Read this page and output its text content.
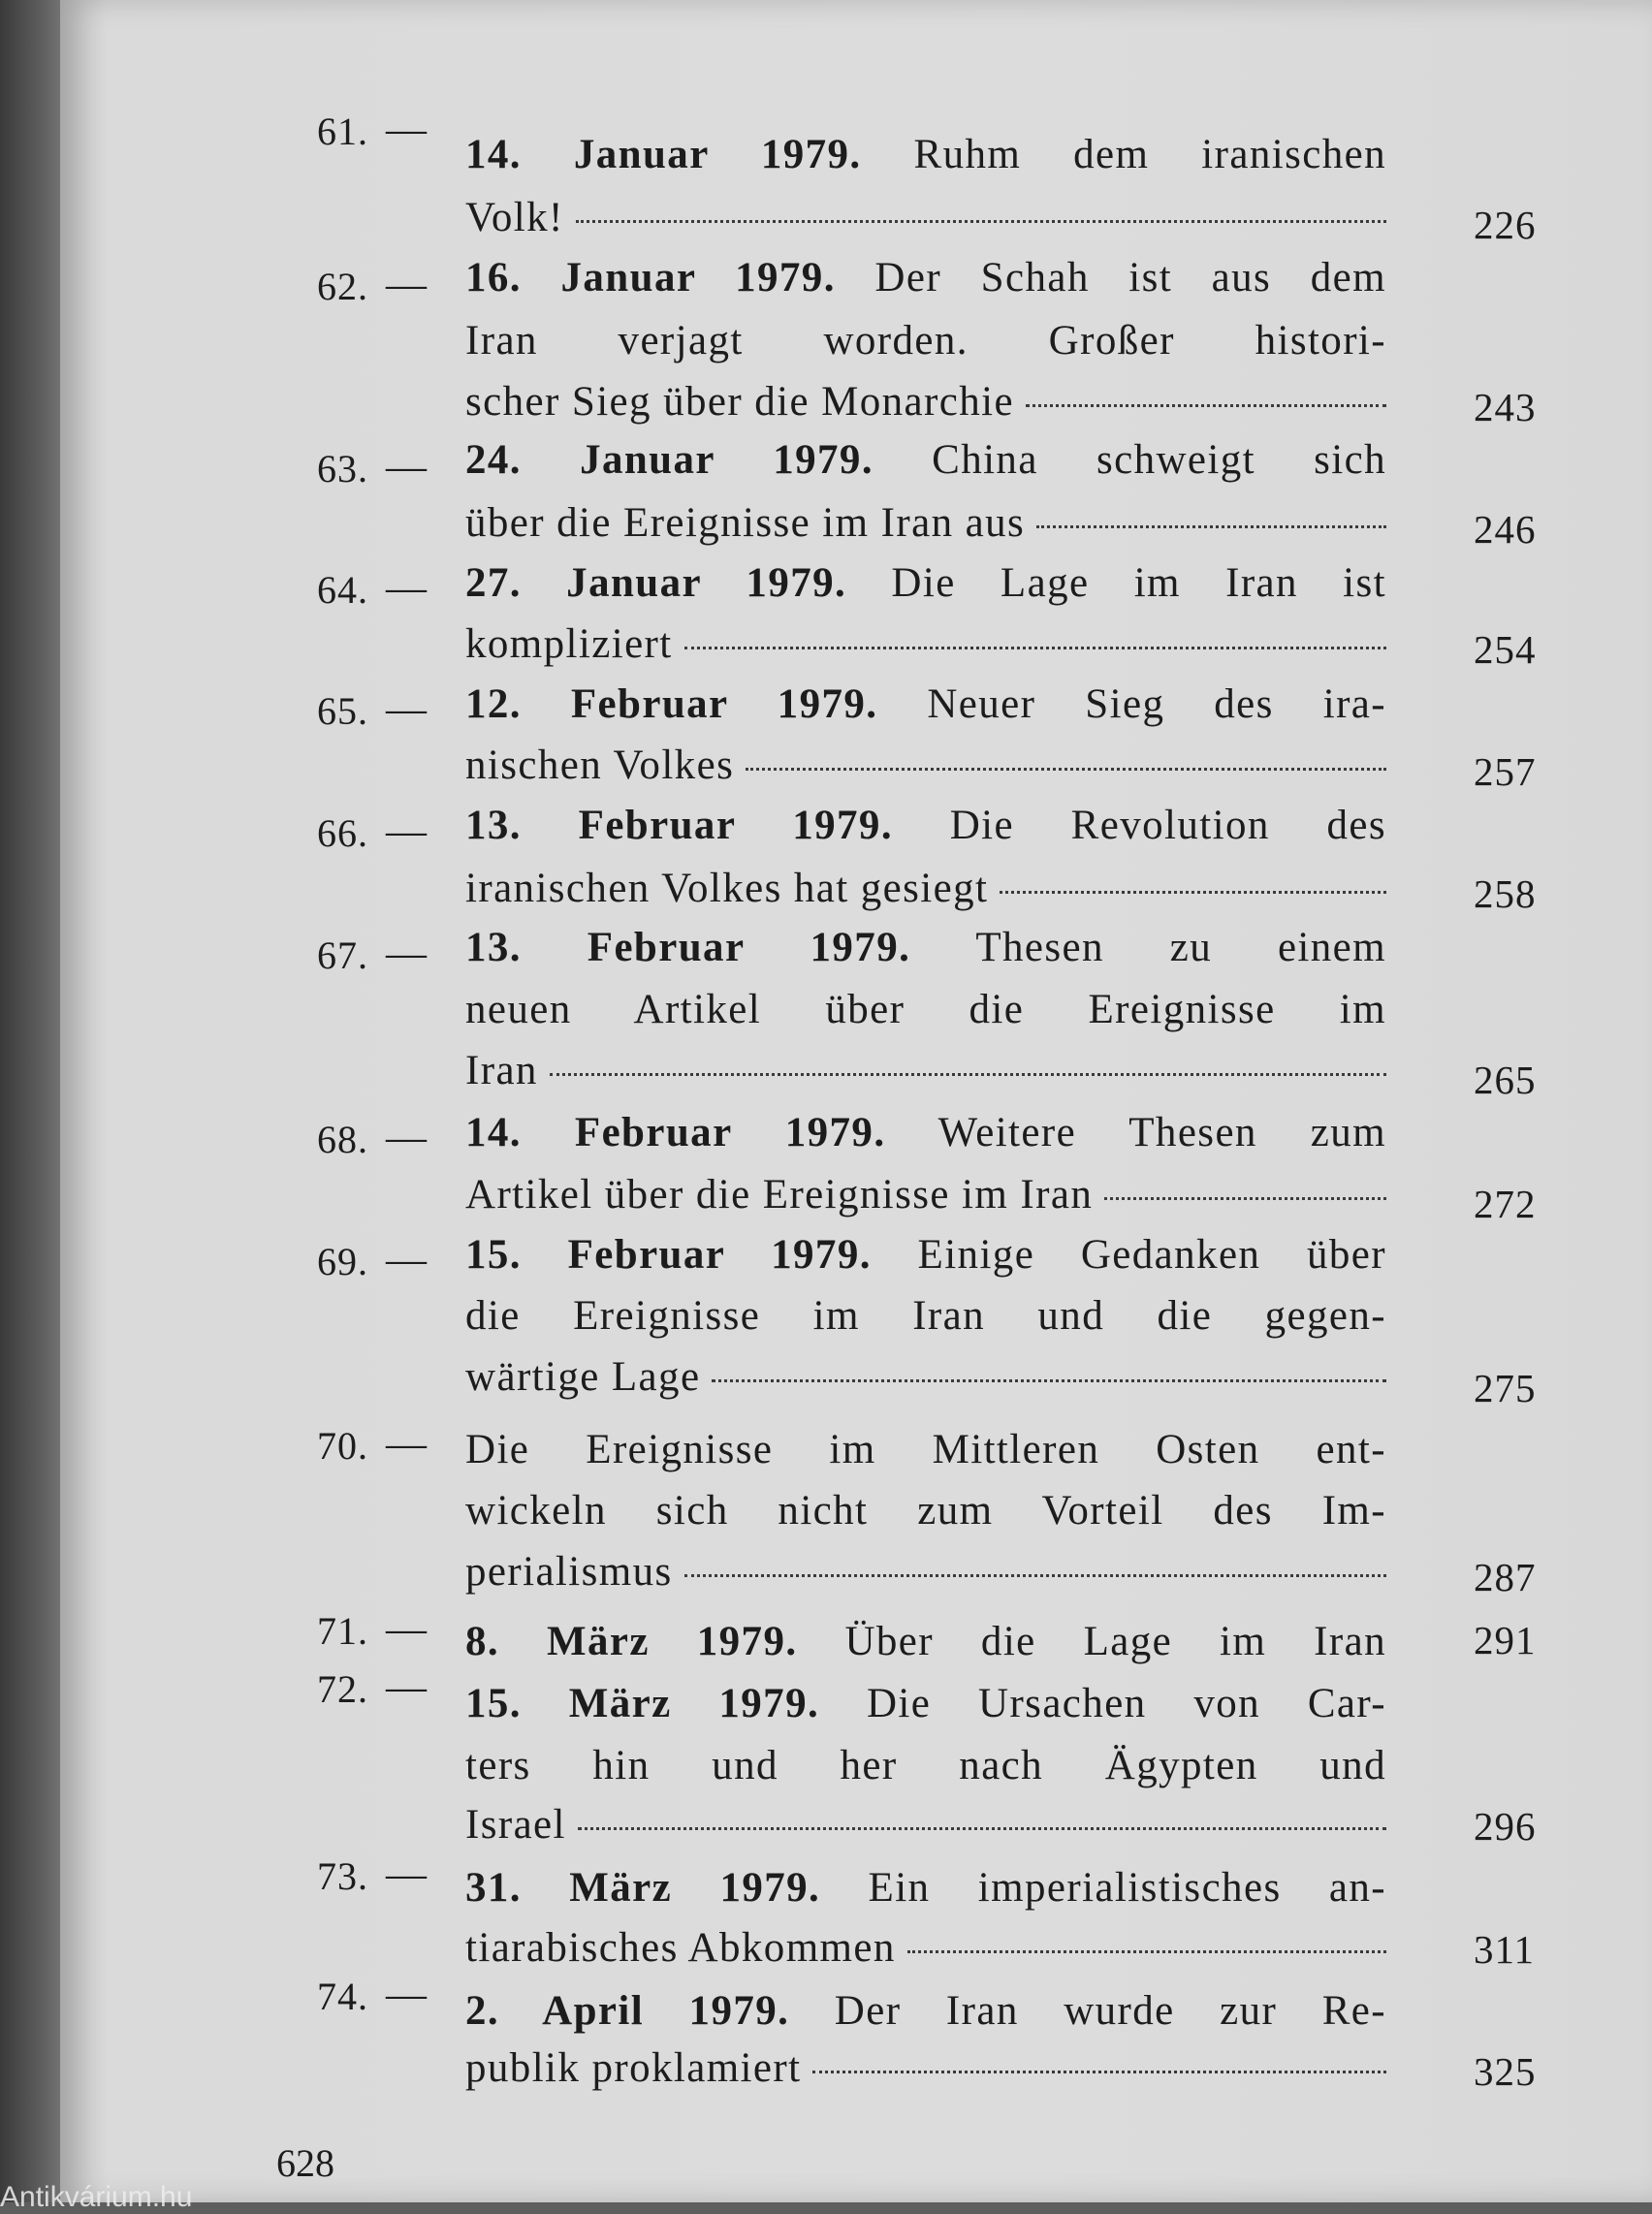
61. —
14. Januar 1979. Ruhm dem iranischen
Volk!	226
62. — 16. Januar 1979. Der Schah ist aus dem
Iran verjagt worden. Großer histori-
scher Sieg über die Monarchie	243
63. — 24. Januar 1979. China schweigt sich
über die Ereignisse im Iran aus	246
64. — 27. Januar 1979. Die Lage im Iran ist
kompliziert	254
65. — 12. Februar 1979. Neuer Sieg des ira-
nischen Volkes	257
66. — 13. Februar 1979. Die Revolution des
iranischen Volkes hat gesiegt	258
67. — 13. Februar 1979. Thesen zu einem
neuen Artikel über die Ereignisse im
Iran	265
68. — 14. Februar 1979. Weitere Thesen zum
Artikel über die Ereignisse im Iran	272
69. — 15. Februar 1979. Einige Gedanken über
die Ereignisse im Iran und die gegen-
wärtige Lage	275
70. — Die Ereignisse im Mittleren Osten ent-
wickeln sich nicht zum Vorteil des Im-
perialismus	287
71. — 8. März 1979. Über die Lage im Iran 291
72. — 15. März 1979. Die Ursachen von Car-
ters hin und her nach Ägypten und
Israel	296
73. — 31. März 1979. Ein imperialistisches an-
tiarabisches Abkommen	311
74. — 2. April 1979. Der Iran wurde zur Re-
publik proklamiert	325
628
Antikvárium.hu
